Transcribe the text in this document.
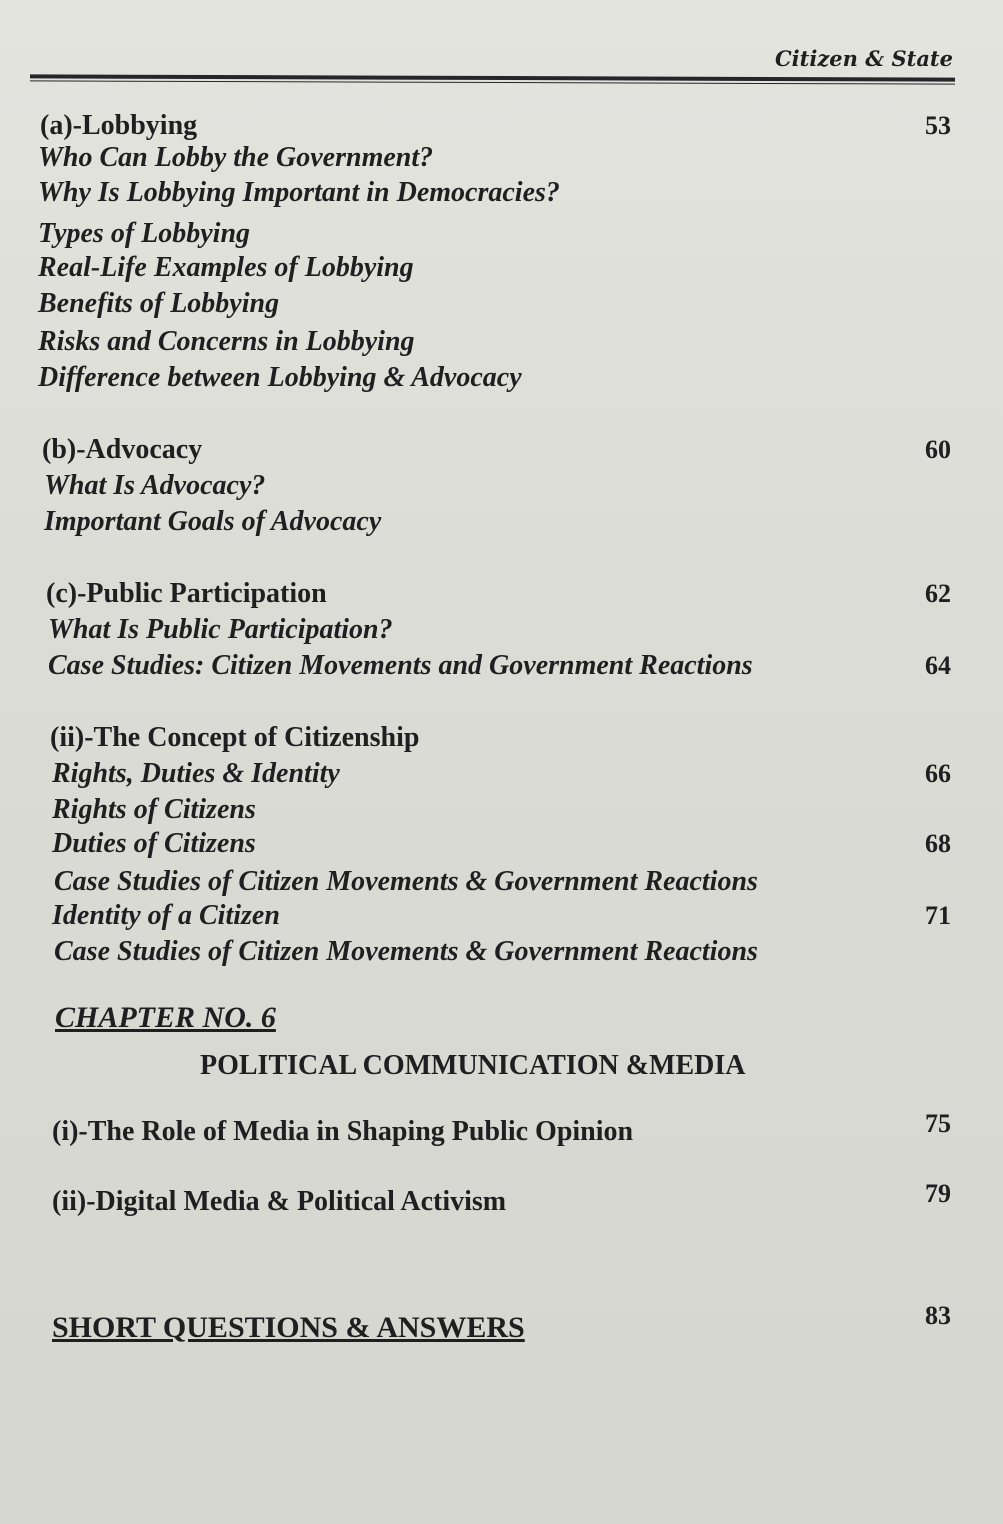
Citizen & State
(a)-Lobbying	53
Who Can Lobby the Government?
Why Is Lobbying Important in Democracies?
Types of Lobbying
Real-Life Examples of Lobbying
Benefits of Lobbying
Risks and Concerns in Lobbying
Difference between Lobbying & Advocacy
(b)-Advocacy	60
What Is Advocacy?
Important Goals of Advocacy
(c)-Public Participation	62
What Is Public Participation?
Case Studies: Citizen Movements and Government Reactions	64
(ii)-The Concept of Citizenship
Rights, Duties & Identity	66
Rights of Citizens
Duties of Citizens	68
Case Studies of Citizen Movements & Government Reactions
Identity of a Citizen	71
Case Studies of Citizen Movements & Government Reactions
CHAPTER NO. 6
POLITICAL COMMUNICATION &MEDIA
(i)-The Role of Media in Shaping Public Opinion	75
(ii)-Digital Media & Political Activism	79
SHORT QUESTIONS & ANSWERS	83
